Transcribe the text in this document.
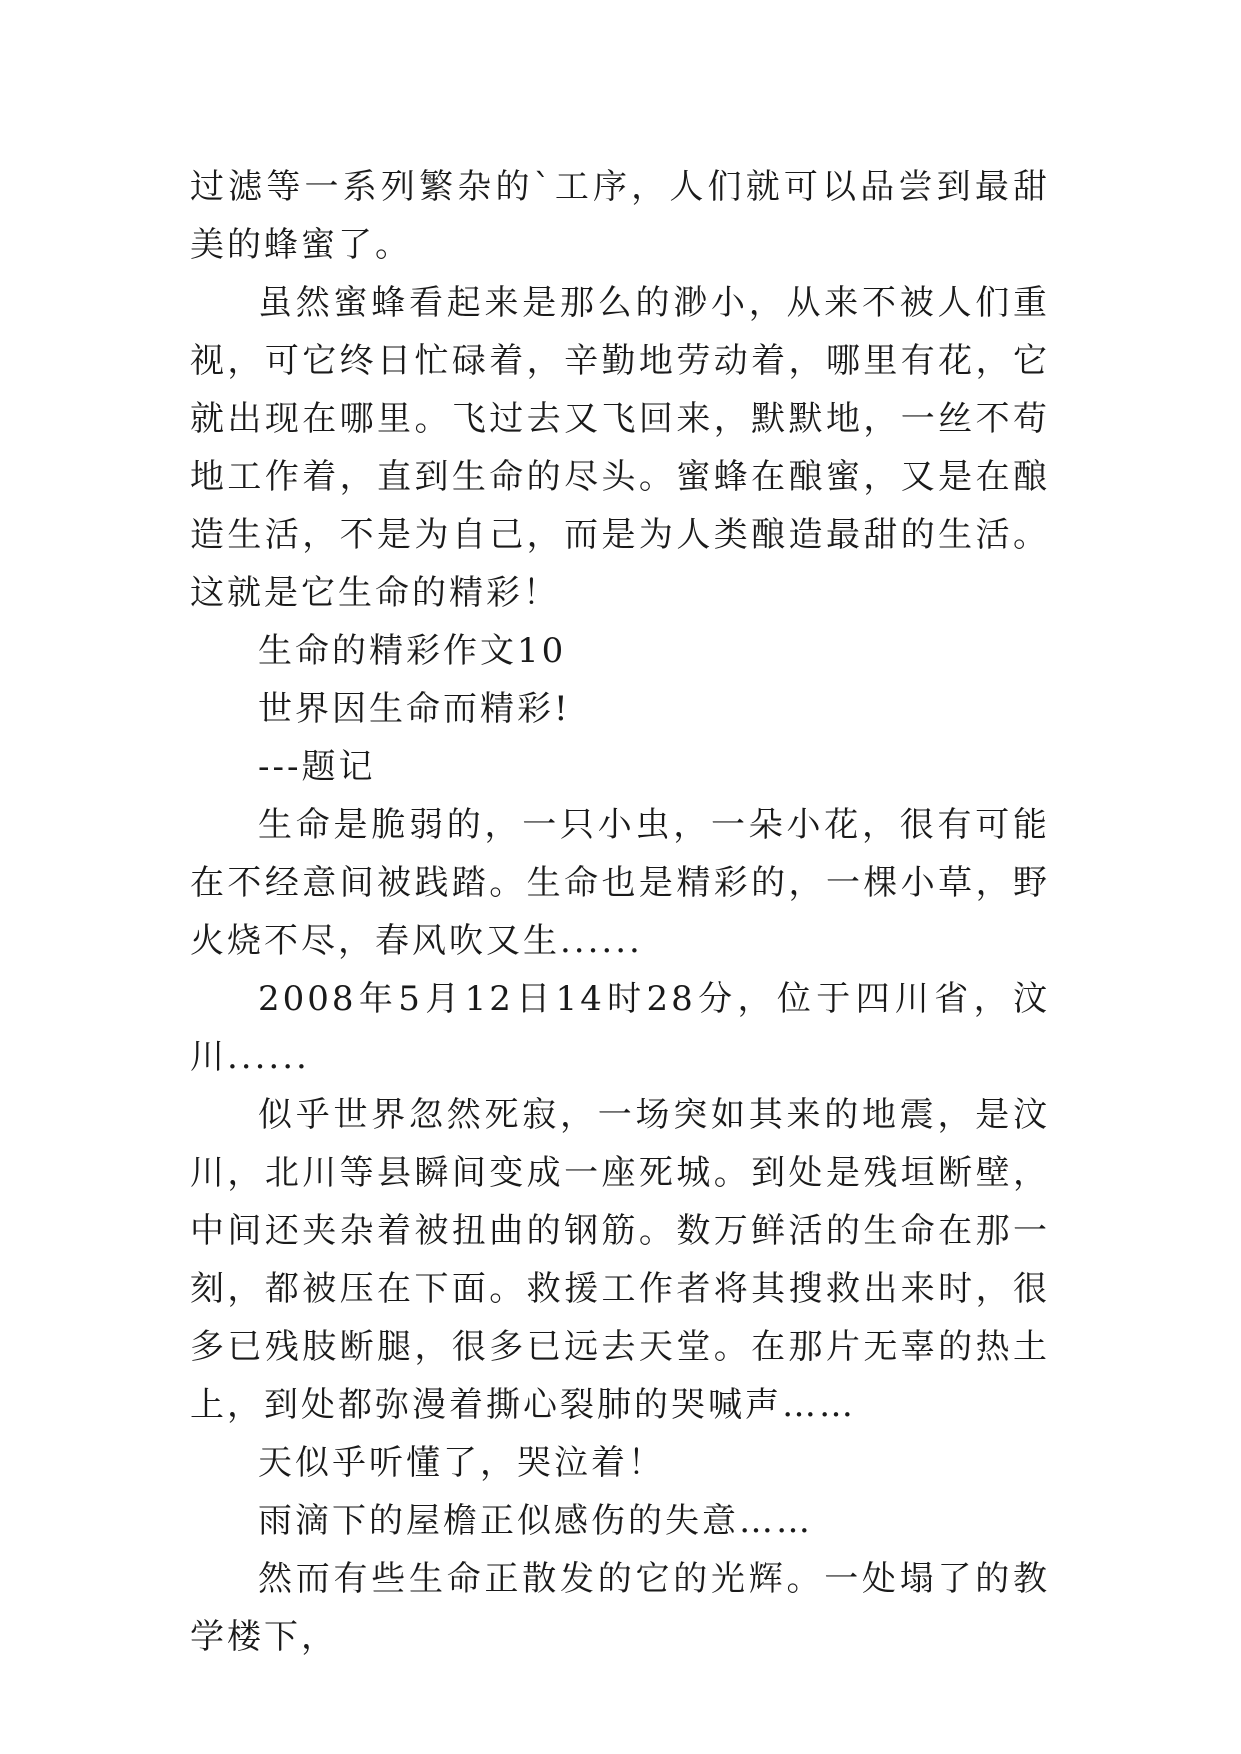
过滤等一系列繁杂的`工序，人们就可以品尝到最甜美的蜂蜜了。

虽然蜜蜂看起来是那么的渺小，从来不被人们重视，可它终日忙碌着，辛勤地劳动着，哪里有花，它就出现在哪里。飞过去又飞回来，默默地，一丝不苟地工作着，直到生命的尽头。蜜蜂在酿蜜，又是在酿造生活，不是为自己，而是为人类酿造最甜的生活。这就是它生命的精彩！

生命的精彩作文10

世界因生命而精彩!

---题记

生命是脆弱的，一只小虫，一朵小花，很有可能在不经意间被践踏。生命也是精彩的，一棵小草，野火烧不尽，春风吹又生......

2008年5月12日14时28分，位于四川省，汶川......

似乎世界忽然死寂，一场突如其来的地震，是汶川，北川等县瞬间变成一座死城。到处是残垣断壁，中间还夹杂着被扭曲的钢筋。数万鲜活的生命在那一刻，都被压在下面。救援工作者将其搜救出来时，很多已残肢断腿，很多已远去天堂。在那片无辜的热土上，到处都弥漫着撕心裂肺的哭喊声……

天似乎听懂了，哭泣着！

雨滴下的屋檐正似感伤的失意……

然而有些生命正散发的它的光辉。一处塌了的教学楼下，
